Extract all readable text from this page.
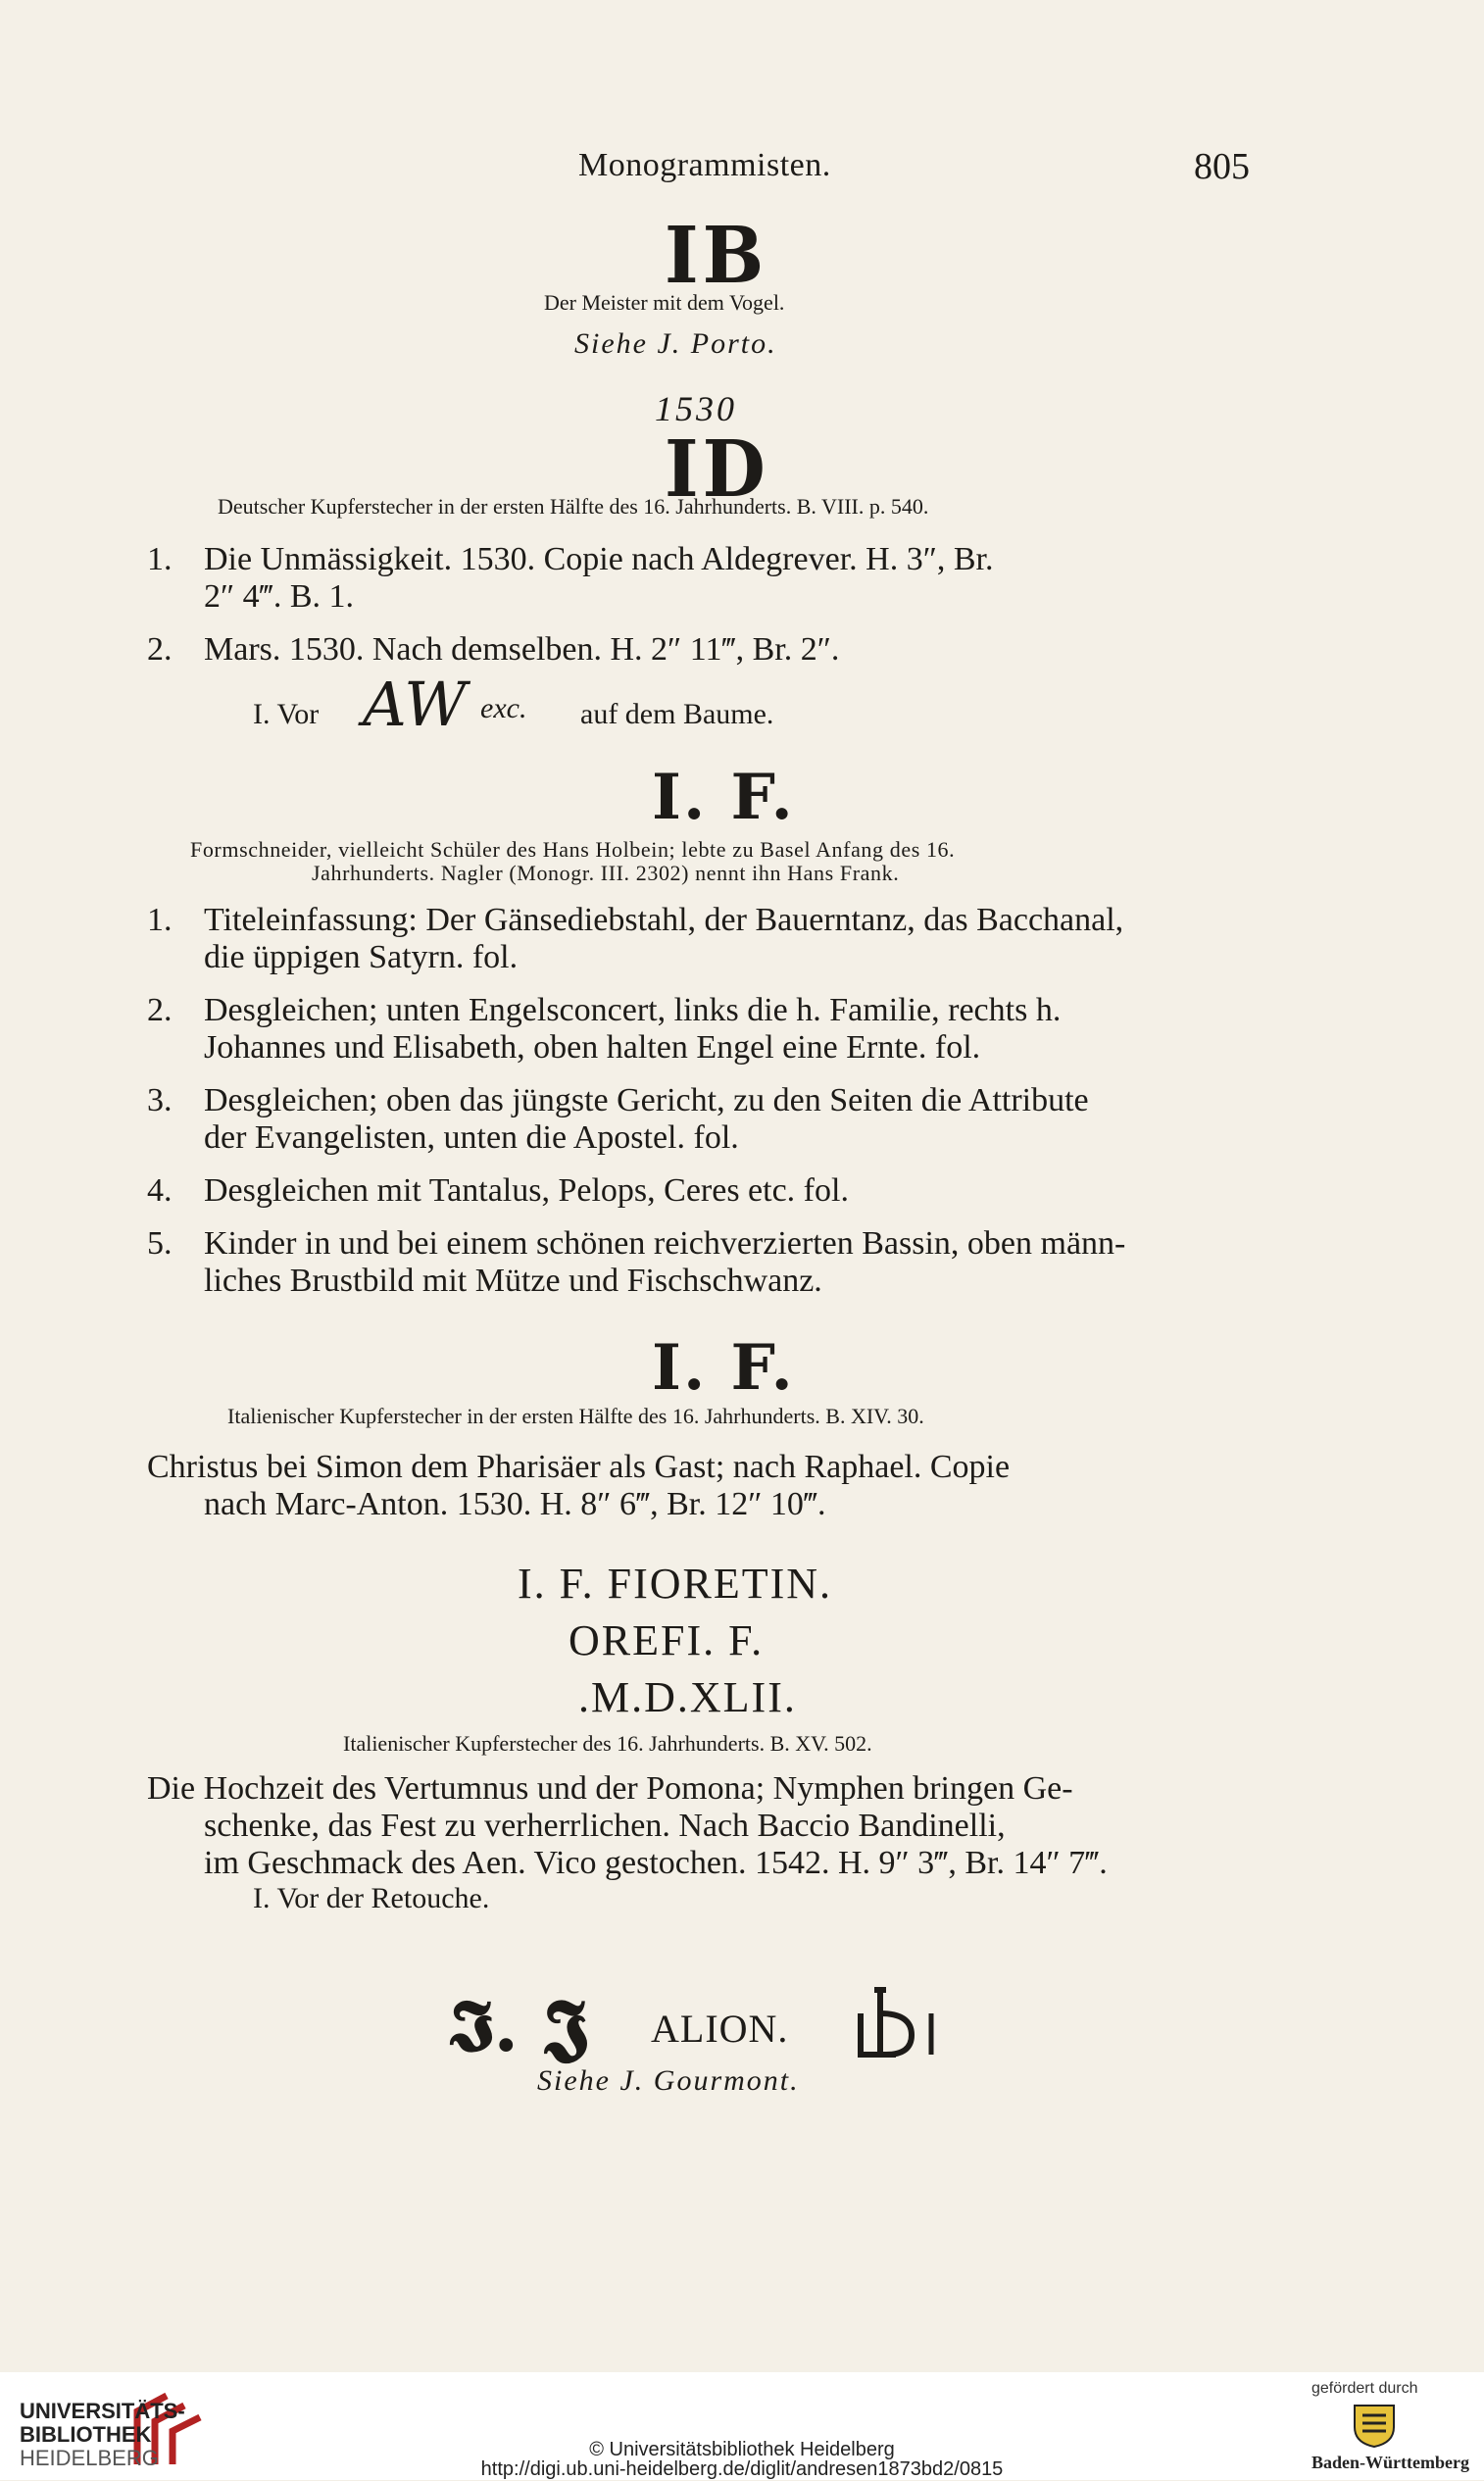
Monogrammisten.	805
IB
Der Meister mit dem Vogel.
Siehe J. Porto.
1530
ID
Deutscher Kupferstecher in der ersten Hälfte des 16. Jahrhunderts. B. VIII. p. 540.
1. Die Unmässigkeit. 1530. Copie nach Aldegrever. H. 3″, Br.
2″ 4‴. B. 1.
2. Mars. 1530. Nach demselben. H. 2″ 11‴, Br. 2″.
I. Vor AW exc. auf dem Baume.
I. F.
Formschneider, vielleicht Schüler des Hans Holbein; lebte zu Basel Anfang des 16.
Jahrhunderts. Nagler (Monogr. III. 2302) nennt ihn Hans Frank.
1. Titeleinfassung: Der Gänsediebstahl, der Bauerntanz, das Bacchanal,
die üppigen Satyrn. fol.
2. Desgleichen; unten Engelsconcert, links die h. Familie, rechts h.
Johannes und Elisabeth, oben halten Engel eine Ernte. fol.
3. Desgleichen; oben das jüngste Gericht, zu den Seiten die Attribute
der Evangelisten, unten die Apostel. fol.
4. Desgleichen mit Tantalus, Pelops, Ceres etc. fol.
5. Kinder in und bei einem schönen reichverzierten Bassin, oben männ-
liches Brustbild mit Mütze und Fischschwanz.
I. F.
Italienischer Kupferstecher in der ersten Hälfte des 16. Jahrhunderts. B. XIV. 30.
Christus bei Simon dem Pharisäer als Gast; nach Raphael. Copie
nach Marc-Anton. 1530. H. 8″ 6‴, Br. 12″ 10‴.
I. F. FIORETIN.
OREFI. F.
.M.D.XLII.
Italienischer Kupferstecher des 16. Jahrhunderts. B. XV. 502.
Die Hochzeit des Vertumnus und der Pomona; Nymphen bringen Ge-
schenke, das Fest zu verherrlichen. Nach Baccio Bandinelli,
im Geschmack des Aen. Vico gestochen. 1542. H. 9″ 3‴, Br. 14″ 7‴.
I. Vor der Retouche.
𝕴. 𝕵 ALION.
Siehe J. Gourmont.
UNIVERSITÄTS-
BIBLIOTHEK
HEIDELBERG	© Universitätsbibliothek Heidelberg
http://digi.ub.uni-heidelberg.de/diglit/andresen1873bd2/0815
gefördert durch
Baden-Württemberg
